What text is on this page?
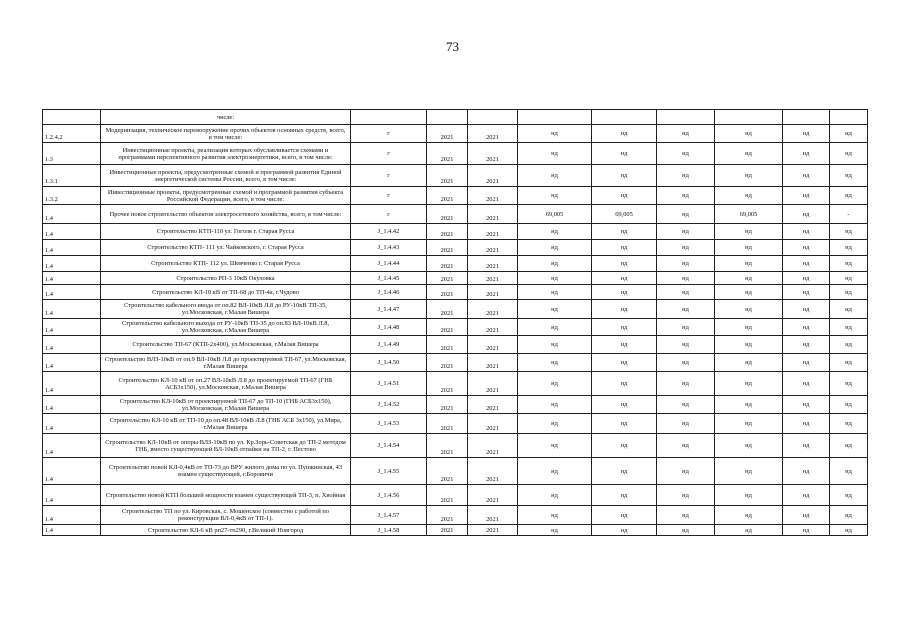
73
	числе:									
1.2.4.2	Модернизация, техническое перевооружение прочих объектов основных средств, всего, в том числе:	г	2021	2021	нд	нд	нд	нд	нд	нд
1.3	Инвестиционные проекты, реализация которых обуславливается схемами и программами перспективного развития электроэнергетики, всего, в том числе:	г	2021	2021	нд	нд	нд	нд	нд	нд
1.3.1	Инвестиционные проекты, предусмотренные схемой и программой развития Единой энергетической системы России, всего, в том числе:	г	2021	2021	нд	нд	нд	нд	нд	нд
1.3.2	Инвестиционные проекты, предусмотренные схемой и программой развития субъекта Российской Федерации, всего, в том числе:	г	2021	2021	нд	нд	нд	нд	нд	нд
1.4	Прочее новое строительство объектов электросетевого хозяйства, всего, в том числе:	г	2021	2021	69,005	69,005	нд	69,005	нд	-
1.4	Строительство КТП-110 ул. Гоголя г. Старая Русса	J_1.4.42	2021	2021	нд	нд	нд	нд	нд	нд
1.4	Строительство КТП- 111 ул. Чайковского, г. Старая Русса	J_1.4.43	2021	2021	нд	нд	нд	нд	нд	нд
1.4	Строительство КТП- 112 ул. Шевченко г. Старая Русса	J_1.4.44	2021	2021	нд	нд	нд	нд	нд	нд
1.4	Строительство РП-3 10кВ Окуловка	J_1.4.45	2021	2021	нд	нд	нд	нд	нд	нд
1.4	Строительство КЛ-10 кВ от ТП-68 до ТП-4а, г.Чудово	J_1.4.46	2021	2021	нд	нд	нд	нд	нд	нд
1.4	Строительство кабельного ввода от оп.82 ВЛ-10кВ Л.8 до РУ-10кВ ТП-35, ул.Московская, г.Малая Вишера	J_1.4.47	2021	2021	нд	нд	нд	нд	нд	нд
1.4	Строительство кабельного выхода от РУ-10кВ ТП-35 до оп.83 ВЛ-10кВ Л.8, ул.Московская, г.Малая Вишера	J_1.4.48	2021	2021	нд	нд	нд	нд	нд	нд
1.4	Строительство ТП-67 (КТП-2х400), ул.Московская, г.Малая Вишера	J_1.4.49	2021	2021	нд	нд	нд	нд	нд	нд
1.4	Строительство ВЛЗ-10кВ от оп.9 ВЛ-10кВ Л.8 до проектируемой ТП-67, ул.Московская, г.Малая Вишера	J_1.4.50	2021	2021	нд	нд	нд	нд	нд	нд
1.4	Строительство КЛ-10 кВ от оп.27 ВЛ-10кВ Л.8 до проектируемой ТП-67 (ГНБ АСБ3х150), ул.Московская, г.Малая Вишера	J_1.4.51	2021	2021	нд	нд	нд	нд	нд	нд
1.4	Строительство КЛ-10кВ от проектируемой ТП-67 до ТП-10 (ГНБ АСБ3х150), ул.Московская, г.Малая Вишера	J_1.4.52	2021	2021	нд	нд	нд	нд	нд	нд
1.4	Строительство КЛ-10 кВ от ТП-10 до оп.48 ВЛ-10кВ Л.8 (ГНБ АСБ 3х150), ул.Мира, г.Малая Вишера	J_1.4.53	2021	2021	нд	нд	нд	нд	нд	нд
1.4	Строительство КЛ-10кВ от опоры ВЛЗ-10кВ по ул. Кр.Зорь-Советская до ТП-2 методом ГНБ, вместо существующей ВЛ-10кВ отпайки на ТП-2, г. Пестово	J_1.4.54	2021	2021	нд	нд	нд	нд	нд	нд
1.4	Строительство новой КЛ-0,4кВ от ТП-73 до ВРУ жилого дома по ул. Пушкинская, 43 взамен существующей, г.Боровичи	J_1.4.55	2021	2021	нд	нд	нд	нд	нд	нд
1.4	Строительство новой КТП большей мощности взамен существующей ТП-3, п. Хвойная	J_1.4.56	2021	2021	нд	нд	нд	нд	нд	нд
1.4	Строительство ТП по ул. Кировская, с. Мошенское (совместно с работой по реконструкции ВЛ-0,4кВ от ТП-1).	J_1.4.57	2021	2021	нд	нд	нд	нд	нд	нд
1.4	Строительство КЛ-6 кВ рп27-тп290, г.Великий Новгород	J_1.4.58	2021	2021	нд	нд	нд	нд	нд	нд
